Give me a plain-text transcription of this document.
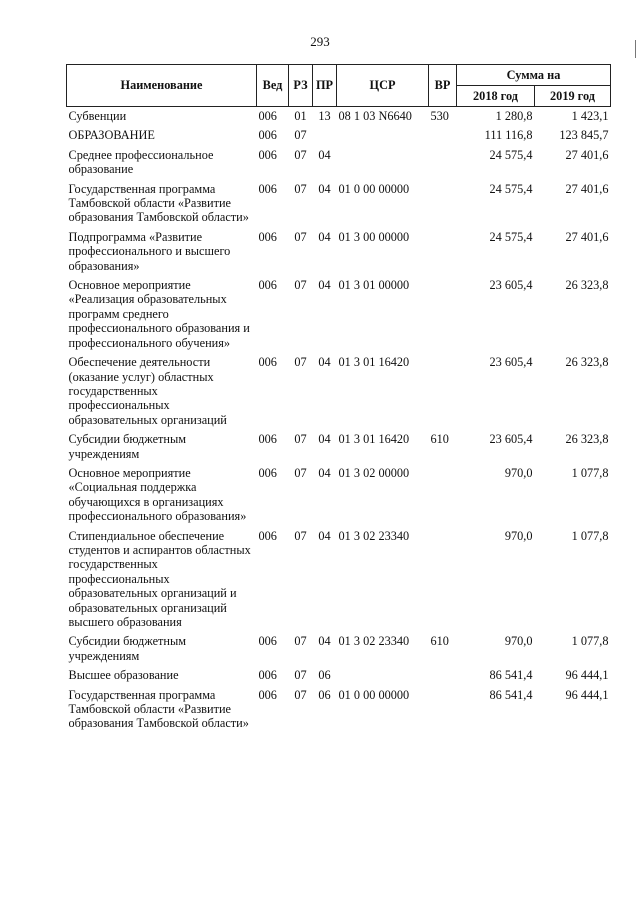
293
Наименование	Вед	РЗ	ПР	ЦСР	ВР	Сумма на	
						2018 год	2019 год
Субвенции	006	01	13	08 1 03 N6640	530	1 280,8	1 423,1
ОБРАЗОВАНИЕ	006	07				111 116,8	123 845,7
Среднее профессиональное образование	006	07	04			24 575,4	27 401,6
Государственная программа Тамбовской области «Развитие образования Тамбовской области»	006	07	04	01 0 00 00000		24 575,4	27 401,6
Подпрограмма «Развитие профессионального и высшего образования»	006	07	04	01 3 00 00000		24 575,4	27 401,6
Основное мероприятие «Реализация образовательных программ среднего профессионального образования и профессионального обучения»	006	07	04	01 3 01 00000		23 605,4	26 323,8
Обеспечение деятельности (оказание услуг) областных государственных профессиональных образовательных организаций	006	07	04	01 3 01 16420		23 605,4	26 323,8
Субсидии бюджетным учреждениям	006	07	04	01 3 01 16420	610	23 605,4	26 323,8
Основное мероприятие «Социальная поддержка обучающихся в организациях профессионального образования»	006	07	04	01 3 02 00000		970,0	1 077,8
Стипендиальное обеспечение студентов и аспирантов областных государственных профессиональных образовательных организаций и образовательных организаций высшего образования	006	07	04	01 3 02 23340		970,0	1 077,8
Субсидии бюджетным учреждениям	006	07	04	01 3 02 23340	610	970,0	1 077,8
Высшее образование	006	07	06			86 541,4	96 444,1
Государственная программа Тамбовской области «Развитие образования Тамбовской области»	006	07	06	01 0 00 00000		86 541,4	96 444,1
